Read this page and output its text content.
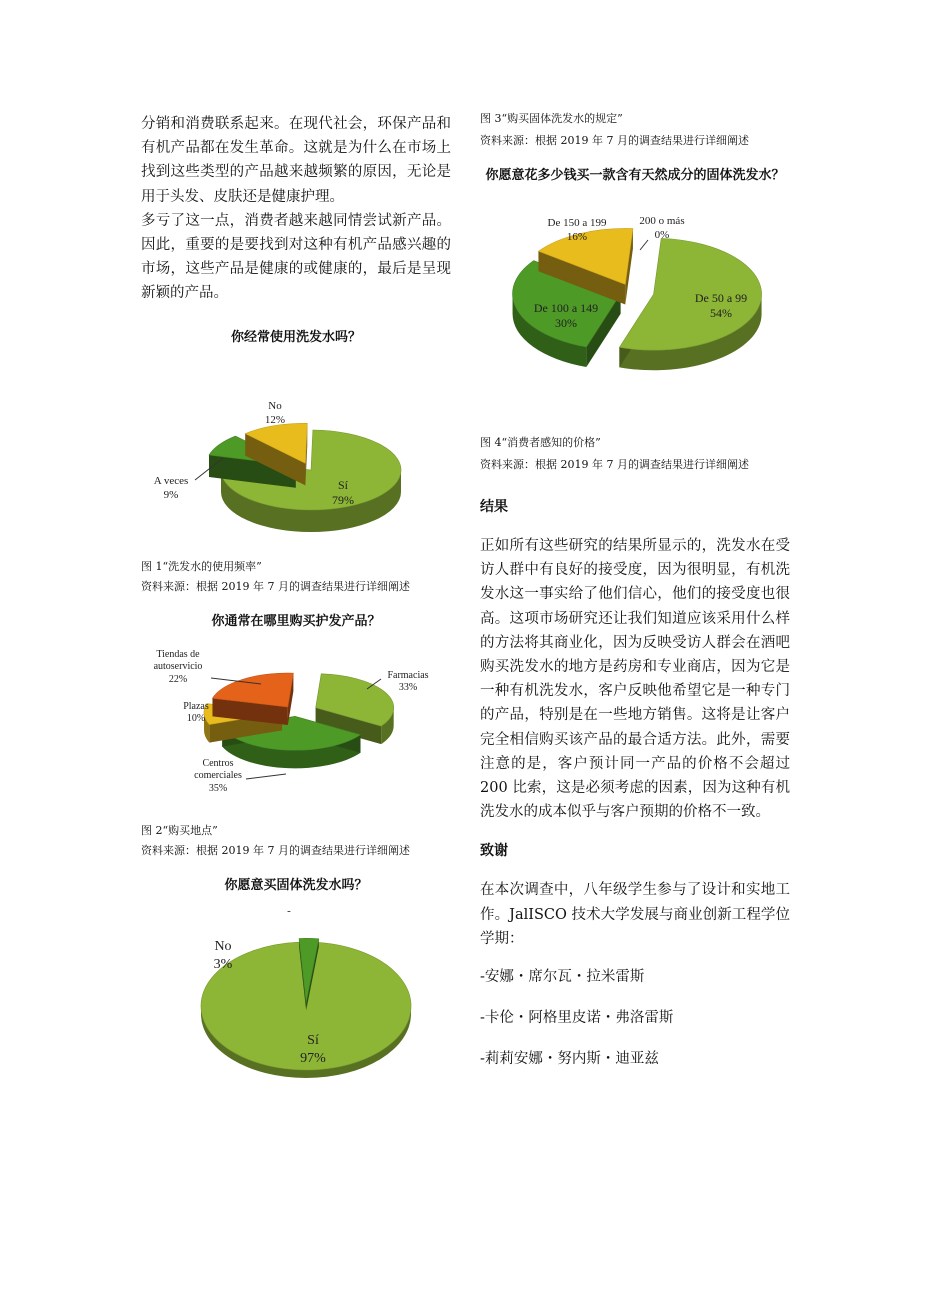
分销和消费联系起来。在现代社会，环保产品和有机产品都在发生革命。这就是为什么在市场上找到这些类型的产品越来越频繁的原因，无论是用于头发、皮肤还是健康护理。

多亏了这一点，消费者越来越同情尝试新产品。因此，重要的是要找到对这种有机产品感兴趣的市场，这些产品是健康的或健康的，最后是呈现新颖的产品。

你经常使用洗发水吗？

No
12%
A veces
9%
Sí
79%

图 1“洗发水的使用频率”

资料来源：根据 2019 年 7 月的调查结果进行详细阐述

你通常在哪里购买护发产品？

Tiendas de
autoservicio
22%
Plazas
10%
Farmacias
33%
Centros
comerciales
35%

图 2“购买地点”

资料来源：根据 2019 年 7 月的调查结果进行详细阐述

你愿意买固体洗发水吗？

-
No
3%
Sí
97%

图 3“购买固体洗发水的规定”

资料来源：根据 2019 年 7 月的调查结果进行详细阐述

你愿意花多少钱买一款含有天然成分的固体洗发水？

De 150 a 199
16%
200 o más
0%
De 50 a 99
54%
De 100 a 149
30%

图 4“消费者感知的价格”

资料来源：根据 2019 年 7 月的调查结果进行详细阐述

结果

正如所有这些研究的结果所显示的，洗发水在受访人群中有良好的接受度，因为很明显，有机洗发水这一事实给了他们信心，他们的接受度也很高。这项市场研究还让我们知道应该采用什么样的方法将其商业化，因为反映受访人群会在酒吧购买洗发水的地方是药房和专业商店，因为它是一种有机洗发水，客户反映他希望它是一种专门的产品，特别是在一些地方销售。这将是让客户完全相信购买该产品的最合适方法。此外，需要注意的是，客户预计同一产品的价格不会超过 200 比索，这是必须考虑的因素，因为这种有机洗发水的成本似乎与客户预期的价格不一致。

致谢

在本次调查中，八年级学生参与了设计和实地工作。JalISCO 技术大学发展与商业创新工程学位学期：

-安娜・席尔瓦・拉米雷斯

-卡伦・阿格里皮诺・弗洛雷斯

-莉莉安娜・努内斯・迪亚兹
